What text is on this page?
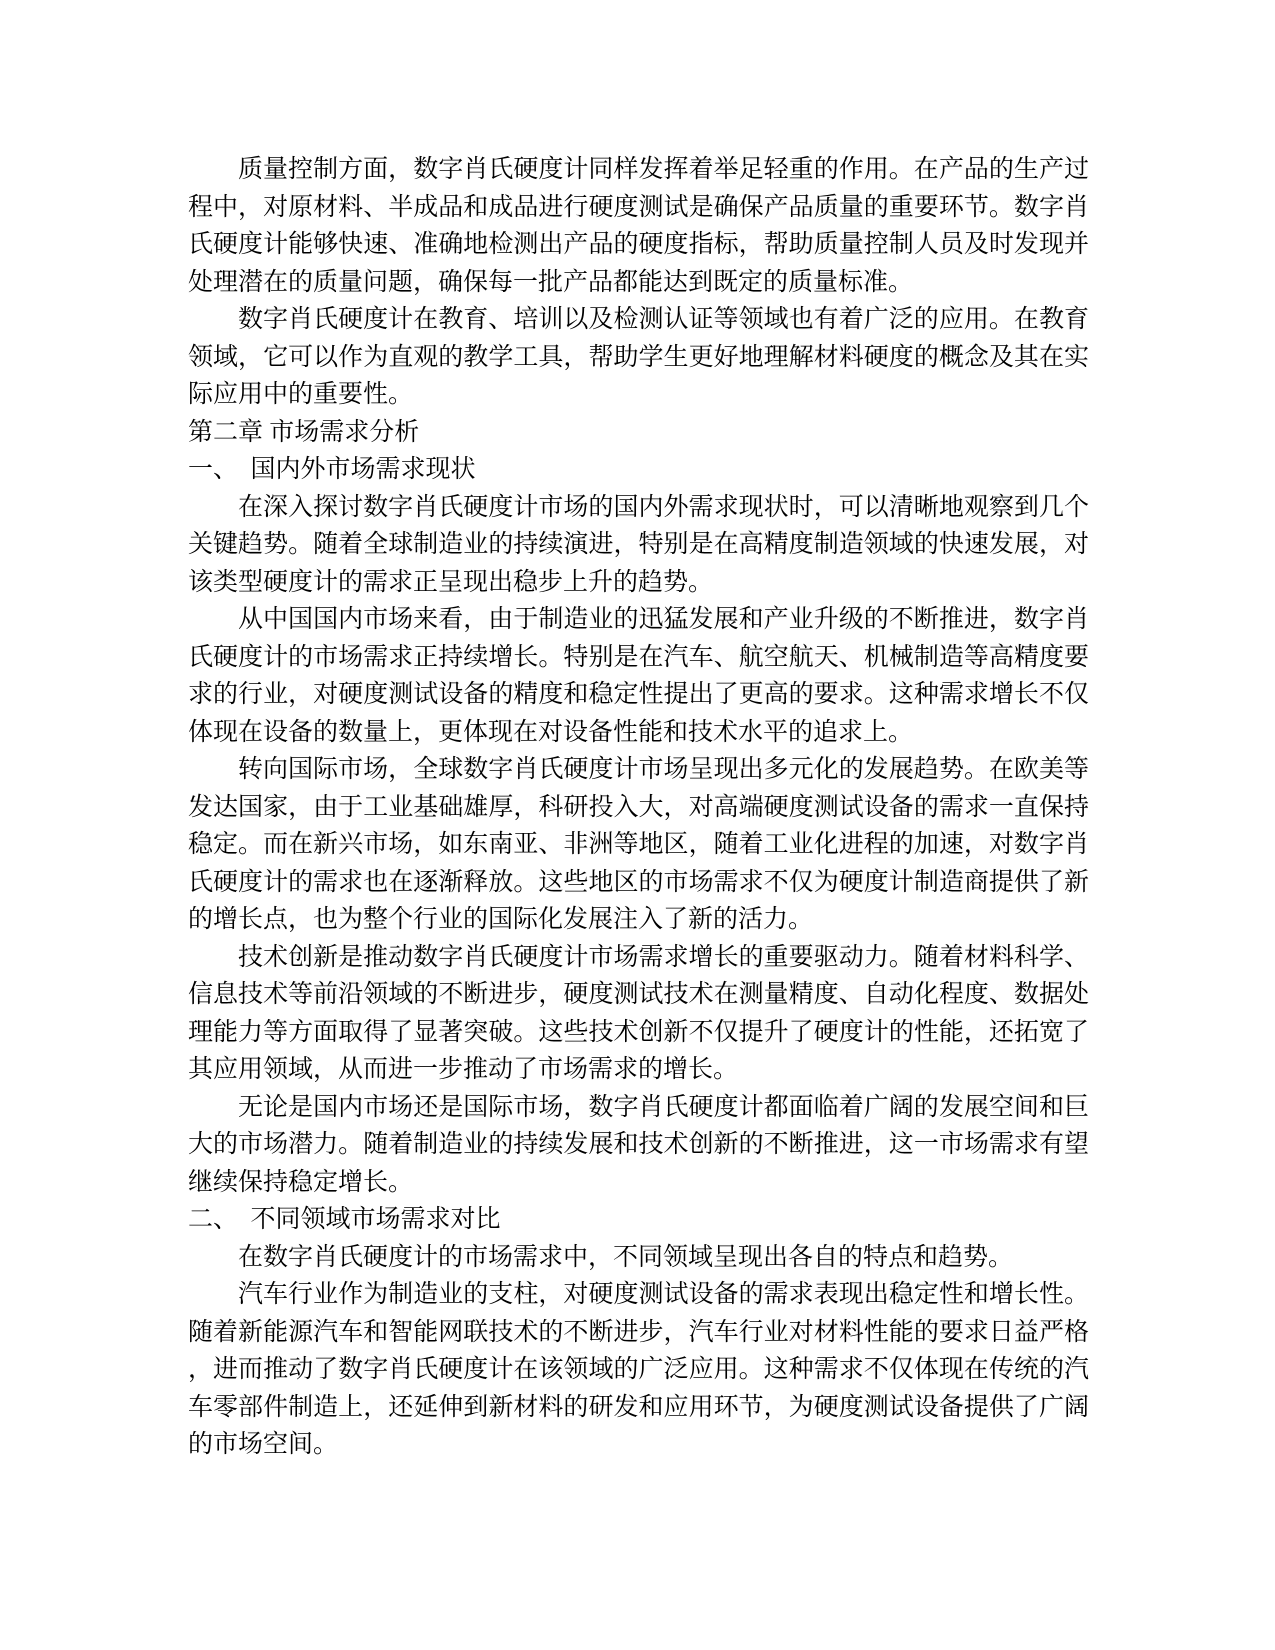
质量控制方面，数字肖氏硬度计同样发挥着举足轻重的作用。在产品的生产过
程中，对原材料、半成品和成品进行硬度测试是确保产品质量的重要环节。数字肖
氏硬度计能够快速、准确地检测出产品的硬度指标，帮助质量控制人员及时发现并
处理潜在的质量问题，确保每一批产品都能达到既定的质量标准。
数字肖氏硬度计在教育、培训以及检测认证等领域也有着广泛的应用。在教育
领域，它可以作为直观的教学工具，帮助学生更好地理解材料硬度的概念及其在实
际应用中的重要性。
第二章 市场需求分析
一、　国内外市场需求现状
在深入探讨数字肖氏硬度计市场的国内外需求现状时，可以清晰地观察到几个
关键趋势。随着全球制造业的持续演进，特别是在高精度制造领域的快速发展，对
该类型硬度计的需求正呈现出稳步上升的趋势。
从中国国内市场来看，由于制造业的迅猛发展和产业升级的不断推进，数字肖
氏硬度计的市场需求正持续增长。特别是在汽车、航空航天、机械制造等高精度要
求的行业，对硬度测试设备的精度和稳定性提出了更高的要求。这种需求增长不仅
体现在设备的数量上，更体现在对设备性能和技术水平的追求上。
转向国际市场，全球数字肖氏硬度计市场呈现出多元化的发展趋势。在欧美等
发达国家，由于工业基础雄厚，科研投入大，对高端硬度测试设备的需求一直保持
稳定。而在新兴市场，如东南亚、非洲等地区，随着工业化进程的加速，对数字肖
氏硬度计的需求也在逐渐释放。这些地区的市场需求不仅为硬度计制造商提供了新
的增长点，也为整个行业的国际化发展注入了新的活力。
技术创新是推动数字肖氏硬度计市场需求增长的重要驱动力。随着材料科学、
信息技术等前沿领域的不断进步，硬度测试技术在测量精度、自动化程度、数据处
理能力等方面取得了显著突破。这些技术创新不仅提升了硬度计的性能，还拓宽了
其应用领域，从而进一步推动了市场需求的增长。
无论是国内市场还是国际市场，数字肖氏硬度计都面临着广阔的发展空间和巨
大的市场潜力。随着制造业的持续发展和技术创新的不断推进，这一市场需求有望
继续保持稳定增长。
二、　不同领域市场需求对比
在数字肖氏硬度计的市场需求中，不同领域呈现出各自的特点和趋势。
汽车行业作为制造业的支柱，对硬度测试设备的需求表现出稳定性和增长性。
随着新能源汽车和智能网联技术的不断进步，汽车行业对材料性能的要求日益严格
，进而推动了数字肖氏硬度计在该领域的广泛应用。这种需求不仅体现在传统的汽
车零部件制造上，还延伸到新材料的研发和应用环节，为硬度测试设备提供了广阔
的市场空间。
